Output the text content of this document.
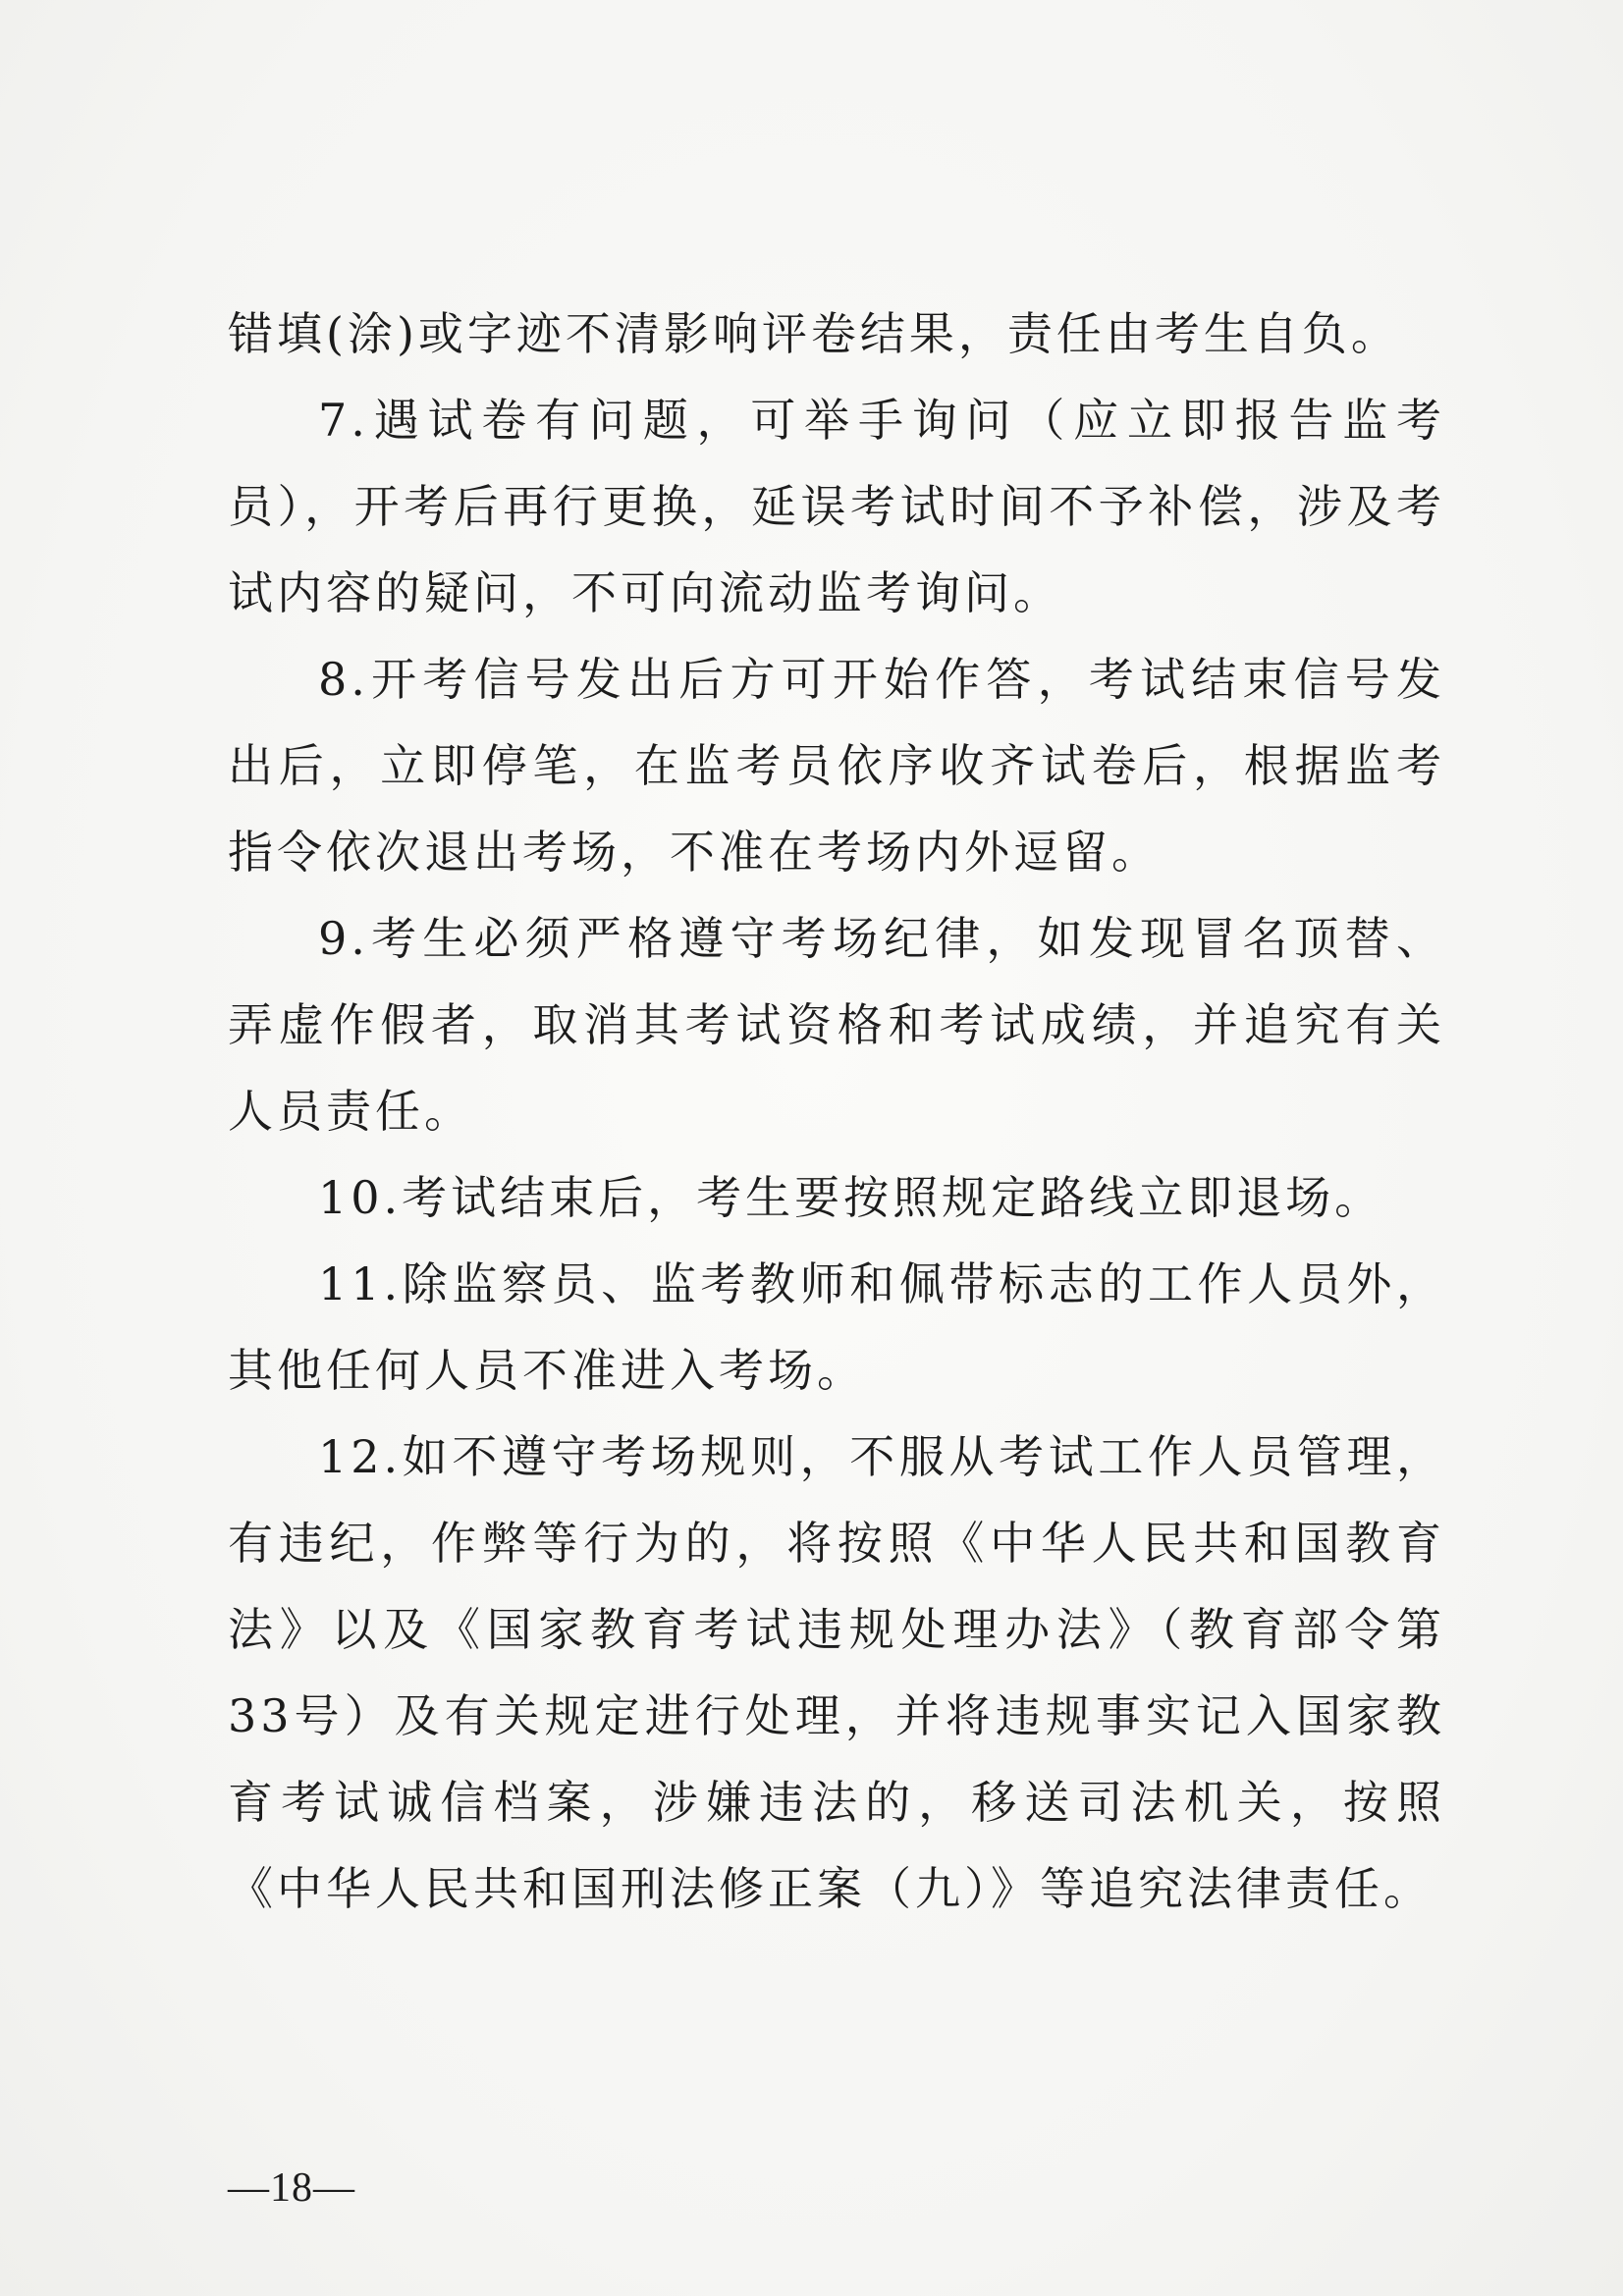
错填(涂)或字迹不清影响评卷结果，责任由考生自负。

7.遇试卷有问题，可举手询问（应立即报告监考员），开考后再行更换，延误考试时间不予补偿，涉及考试内容的疑问，不可向流动监考询问。

8.开考信号发出后方可开始作答，考试结束信号发出后，立即停笔，在监考员依序收齐试卷后，根据监考指令依次退出考场，不准在考场内外逗留。

9.考生必须严格遵守考场纪律，如发现冒名顶替、弄虚作假者，取消其考试资格和考试成绩，并追究有关人员责任。

10.考试结束后，考生要按照规定路线立即退场。

11.除监察员、监考教师和佩带标志的工作人员外，其他任何人员不准进入考场。

12.如不遵守考场规则，不服从考试工作人员管理，有违纪，作弊等行为的，将按照《中华人民共和国教育法》以及《国家教育考试违规处理办法》（教育部令第33号）及有关规定进行处理，并将违规事实记入国家教育考试诚信档案，涉嫌违法的，移送司法机关，按照《中华人民共和国刑法修正案（九）》等追究法律责任。

—18—
